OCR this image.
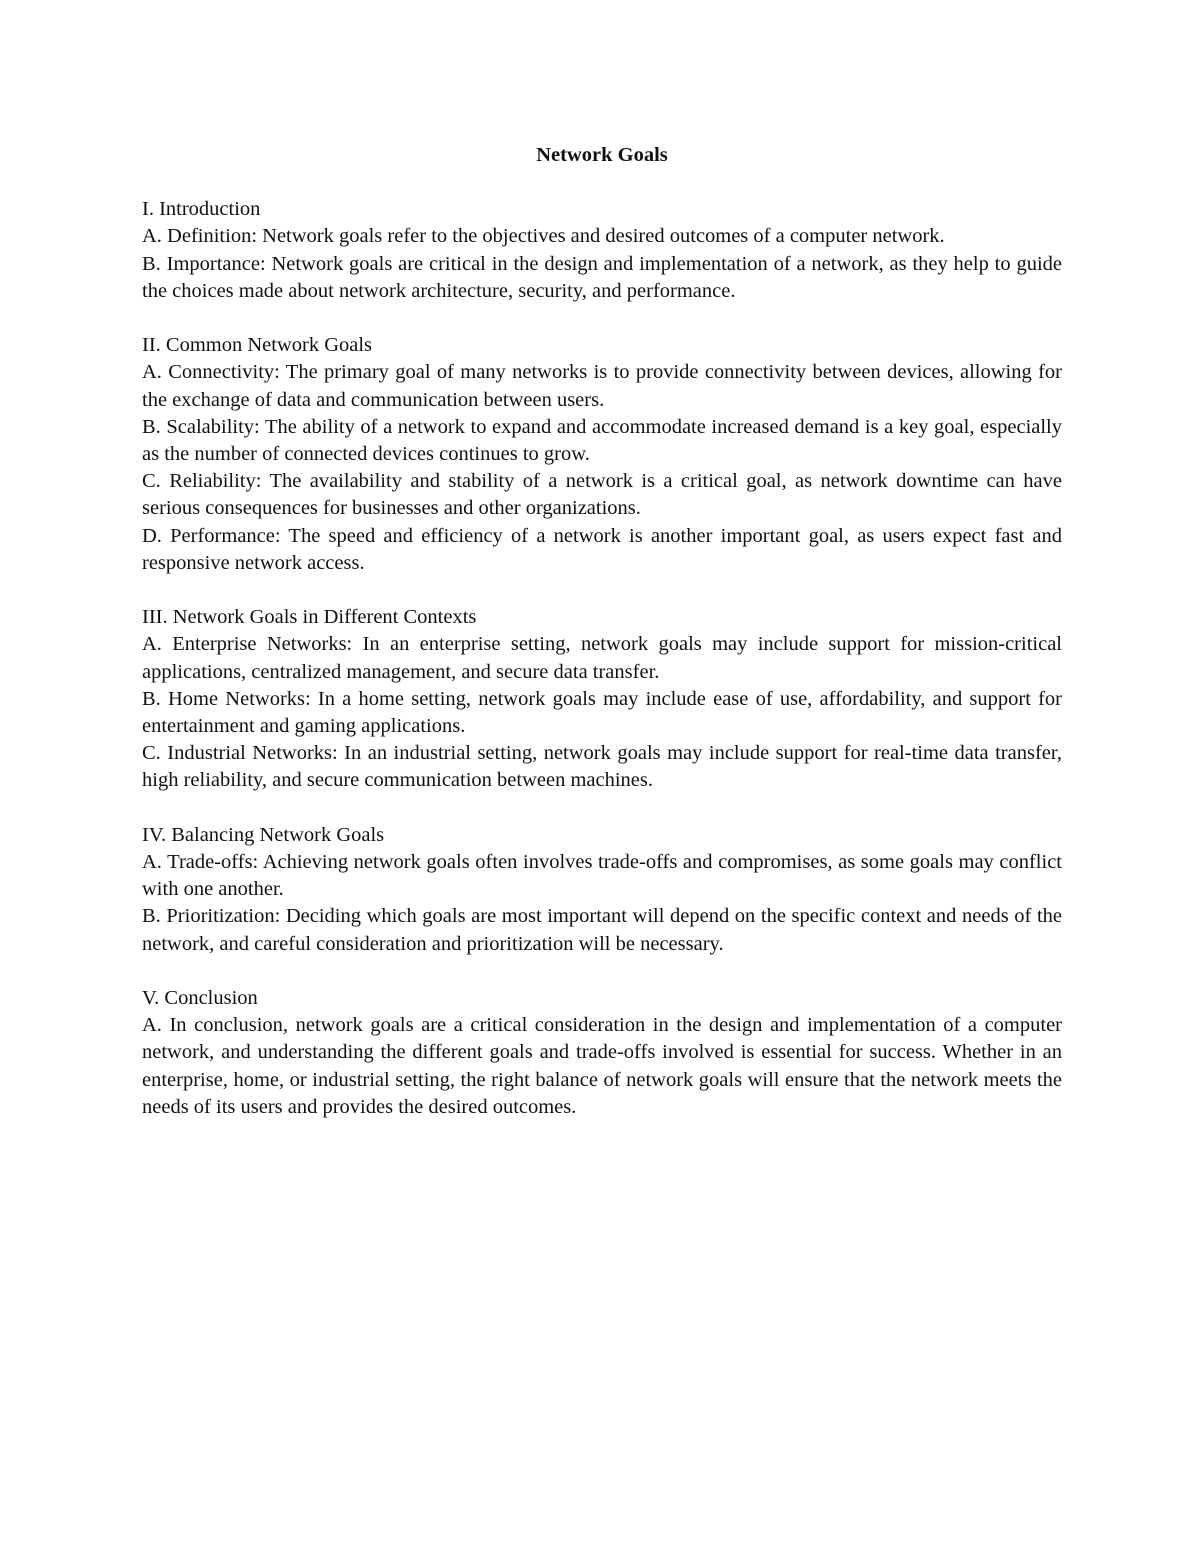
Network Goals

I. Introduction

A. Definition: Network goals refer to the objectives and desired outcomes of a computer network.

B. Importance: Network goals are critical in the design and implementation of a network, as they help to guide the choices made about network architecture, security, and performance.

II. Common Network Goals

A. Connectivity: The primary goal of many networks is to provide connectivity between devices, allowing for the exchange of data and communication between users.

B. Scalability: The ability of a network to expand and accommodate increased demand is a key goal, especially as the number of connected devices continues to grow.

C. Reliability: The availability and stability of a network is a critical goal, as network downtime can have serious consequences for businesses and other organizations.

D. Performance: The speed and efficiency of a network is another important goal, as users expect fast and responsive network access.

III. Network Goals in Different Contexts

A. Enterprise Networks: In an enterprise setting, network goals may include support for mission-critical applications, centralized management, and secure data transfer.

B. Home Networks: In a home setting, network goals may include ease of use, affordability, and support for entertainment and gaming applications.

C. Industrial Networks: In an industrial setting, network goals may include support for real-time data transfer, high reliability, and secure communication between machines.

IV. Balancing Network Goals

A. Trade-offs: Achieving network goals often involves trade-offs and compromises, as some goals may conflict with one another.

B. Prioritization: Deciding which goals are most important will depend on the specific context and needs of the network, and careful consideration and prioritization will be necessary.

V. Conclusion

A. In conclusion, network goals are a critical consideration in the design and implementation of a computer network, and understanding the different goals and trade-offs involved is essential for success. Whether in an enterprise, home, or industrial setting, the right balance of network goals will ensure that the network meets the needs of its users and provides the desired outcomes.
